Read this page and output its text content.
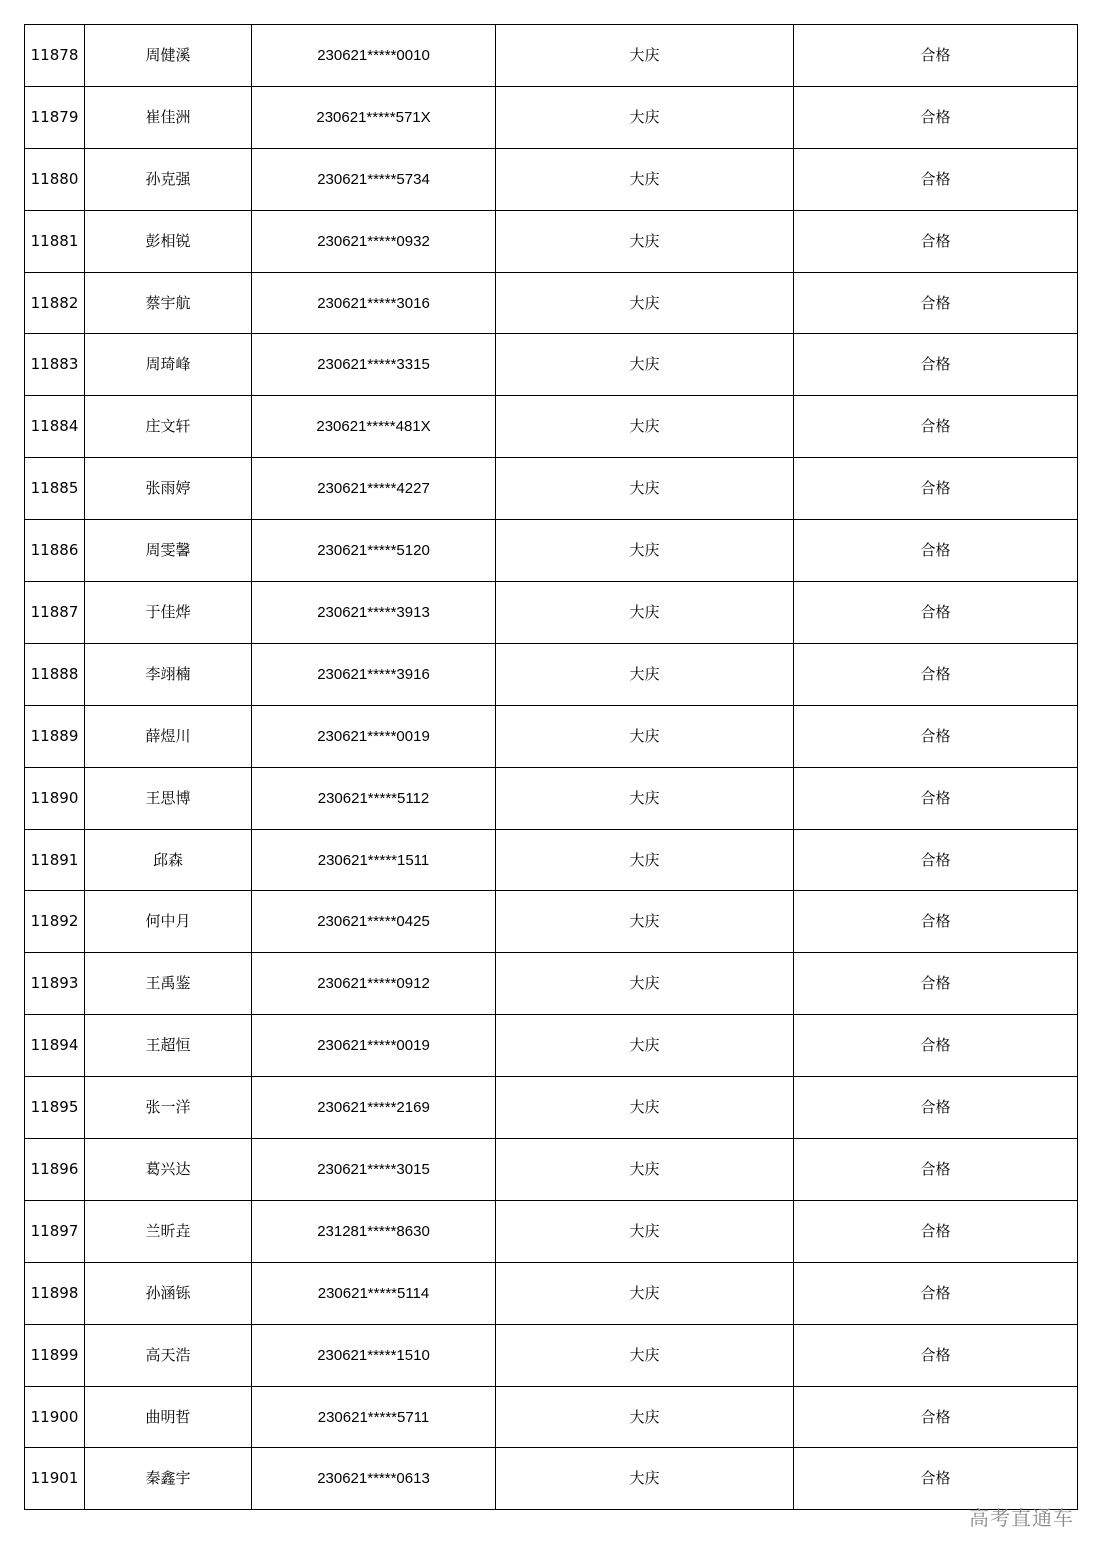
11878	周健溪	230621*****0010	大庆	合格
11879	崔佳洲	230621*****571X	大庆	合格
11880	孙克强	230621*****5734	大庆	合格
11881	彭相锐	230621*****0932	大庆	合格
11882	蔡宇航	230621*****3016	大庆	合格
11883	周琦峰	230621*****3315	大庆	合格
11884	庄文轩	230621*****481X	大庆	合格
11885	张雨婷	230621*****4227	大庆	合格
11886	周雯馨	230621*****5120	大庆	合格
11887	于佳烨	230621*****3913	大庆	合格
11888	李翊楠	230621*****3916	大庆	合格
11889	薛煜川	230621*****0019	大庆	合格
11890	王思博	230621*****5112	大庆	合格
11891	邱森	230621*****1511	大庆	合格
11892	何中月	230621*****0425	大庆	合格
11893	王禹鉴	230621*****0912	大庆	合格
11894	王超恒	230621*****0019	大庆	合格
11895	张一洋	230621*****2169	大庆	合格
11896	葛兴达	230621*****3015	大庆	合格
11897	兰昕垚	231281*****8630	大庆	合格
11898	孙涵铄	230621*****5114	大庆	合格
11899	高天浩	230621*****1510	大庆	合格
11900	曲明哲	230621*****5711	大庆	合格
11901	秦鑫宇	230621*****0613	大庆	合格
高考直通车
